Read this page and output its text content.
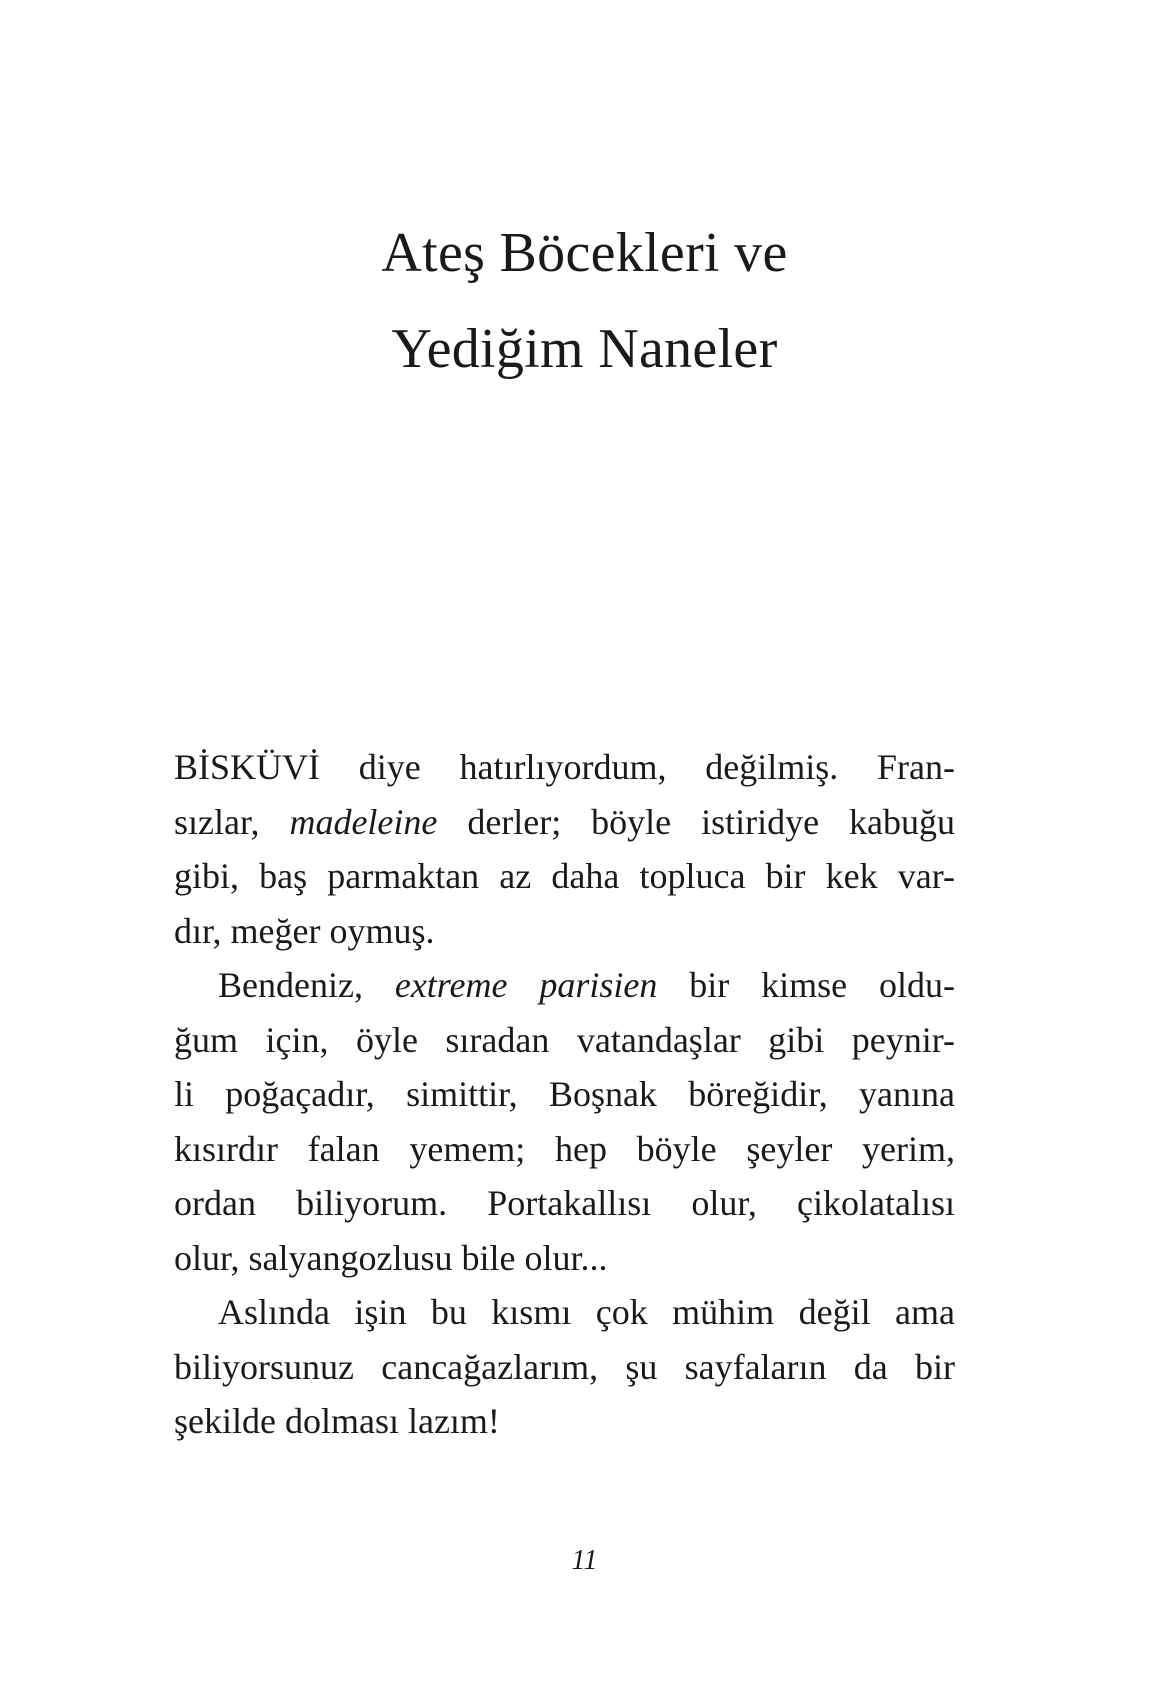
Ateş Böcekleri ve
Yediğim Naneler
BİSKÜVİ diye hatırlıyordum, değilmiş. Fran-
sızlar, madeleine derler; böyle istiridye kabuğu
gibi, baş parmaktan az daha topluca bir kek var-
dır, meğer oymuş.
Bendeniz, extreme parisien bir kimse oldu-
ğum için, öyle sıradan vatandaşlar gibi peynir-
li poğaçadır, simittir, Boşnak böreğidir, yanına
kısırdır falan yemem; hep böyle şeyler yerim,
ordan biliyorum. Portakallısı olur, çikolatalısı
olur, salyangozlusu bile olur...
Aslında işin bu kısmı çok mühim değil ama
biliyorsunuz cancağazlarım, şu sayfaların da bir
şekilde dolması lazım!
11
